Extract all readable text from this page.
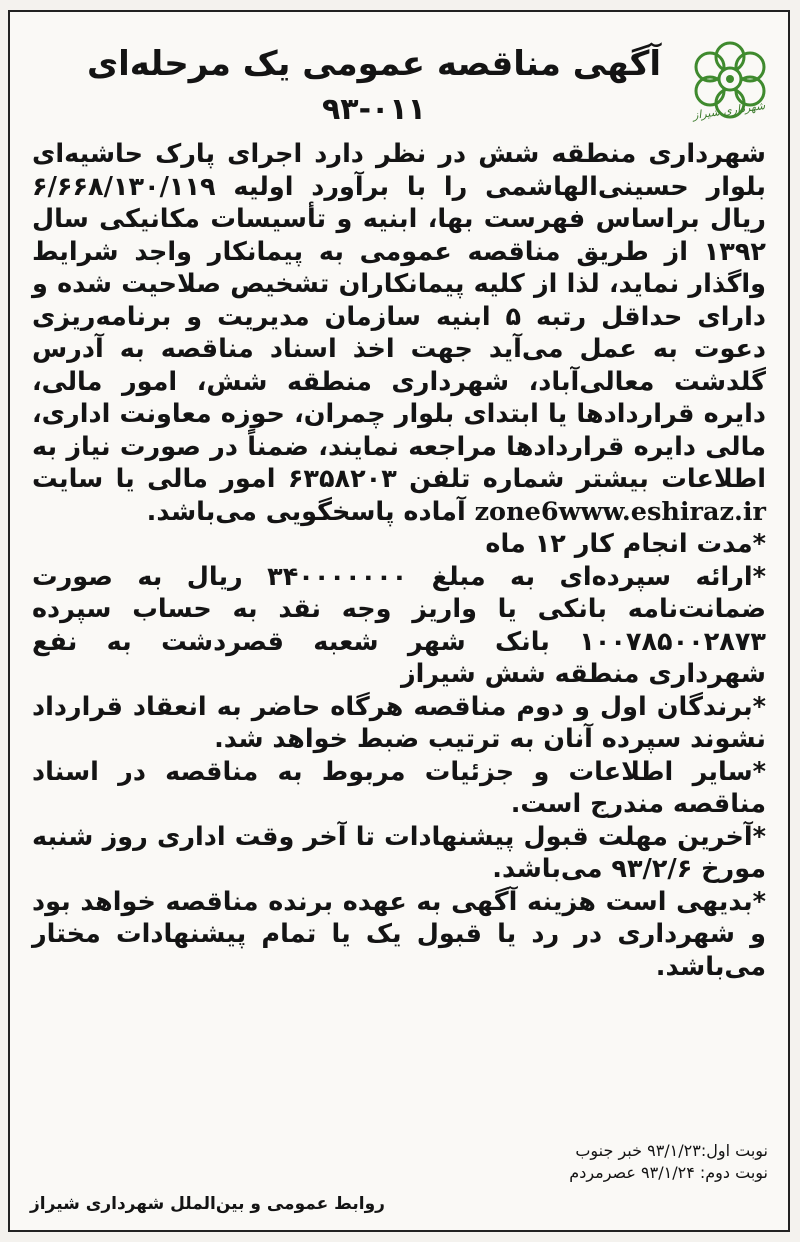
شهرداری شیراز
آگهی مناقصه عمومی یک مرحله‌ای
۹۳-۰۱۱

شهرداری منطقه شش در نظر دارد اجرای پارک حاشیه‌ای بلوار حسینی‌الهاشمی را با برآورد اولیه ۶/۶۶۸/۱۳۰/۱۱۹ ریال براساس فهرست بها، ابنیه و تأسیسات مکانیکی سال ۱۳۹۲ از طریق مناقصه عمومی به پیمانکار واجد شرایط واگذار نماید، لذا از کلیه پیمانکاران تشخیص صلاحیت شده و دارای حداقل رتبه ۵ ابنیه سازمان مدیریت و برنامه‌ریزی دعوت به عمل می‌آید جهت اخذ اسناد مناقصه به آدرس گلدشت معالی‌آباد، شهرداری منطقه شش، امور مالی، دایره قراردادها یا ابتدای بلوار چمران، حوزه معاونت اداری، مالی دایره قراردادها مراجعه نمایند، ضمناً در صورت نیاز به اطلاعات بیشتر شماره تلفن ۶۳۵۸۲۰۳ امور مالی یا سایت zone6www.eshiraz.ir آماده پاسخگویی می‌باشد.

*مدت انجام کار ۱۲ ماه

*ارائه سپرده‌ای به مبلغ ۳۴۰۰۰۰۰۰۰ ریال به صورت ضمانت‌نامه بانکی یا واریز وجه نقد به حساب سپرده ۱۰۰۷۸۵۰۰۲۸۷۳ بانک شهر شعبه قصردشت به نفع شهرداری منطقه شش شیراز

*برندگان اول و دوم مناقصه هرگاه حاضر به انعقاد قرارداد نشوند سپرده آنان به ترتیب ضبط خواهد شد.

*سایر اطلاعات و جزئیات مربوط به مناقصه در اسناد مناقصه مندرج است.

*آخرین مهلت قبول پیشنهادات تا آخر وقت اداری روز شنبه مورخ ۹۳/۲/۶ می‌باشد.

*بدیهی است هزینه آگهی به عهده برنده مناقصه خواهد بود و شهرداری در رد یا قبول یک یا تمام پیشنهادات مختار می‌باشد.

نوبت اول:۹۳/۱/۲۳ خبر جنوب
نوبت دوم: ۹۳/۱/۲۴ عصرمردم
روابط عمومی و بین‌الملل شهرداری شیراز
